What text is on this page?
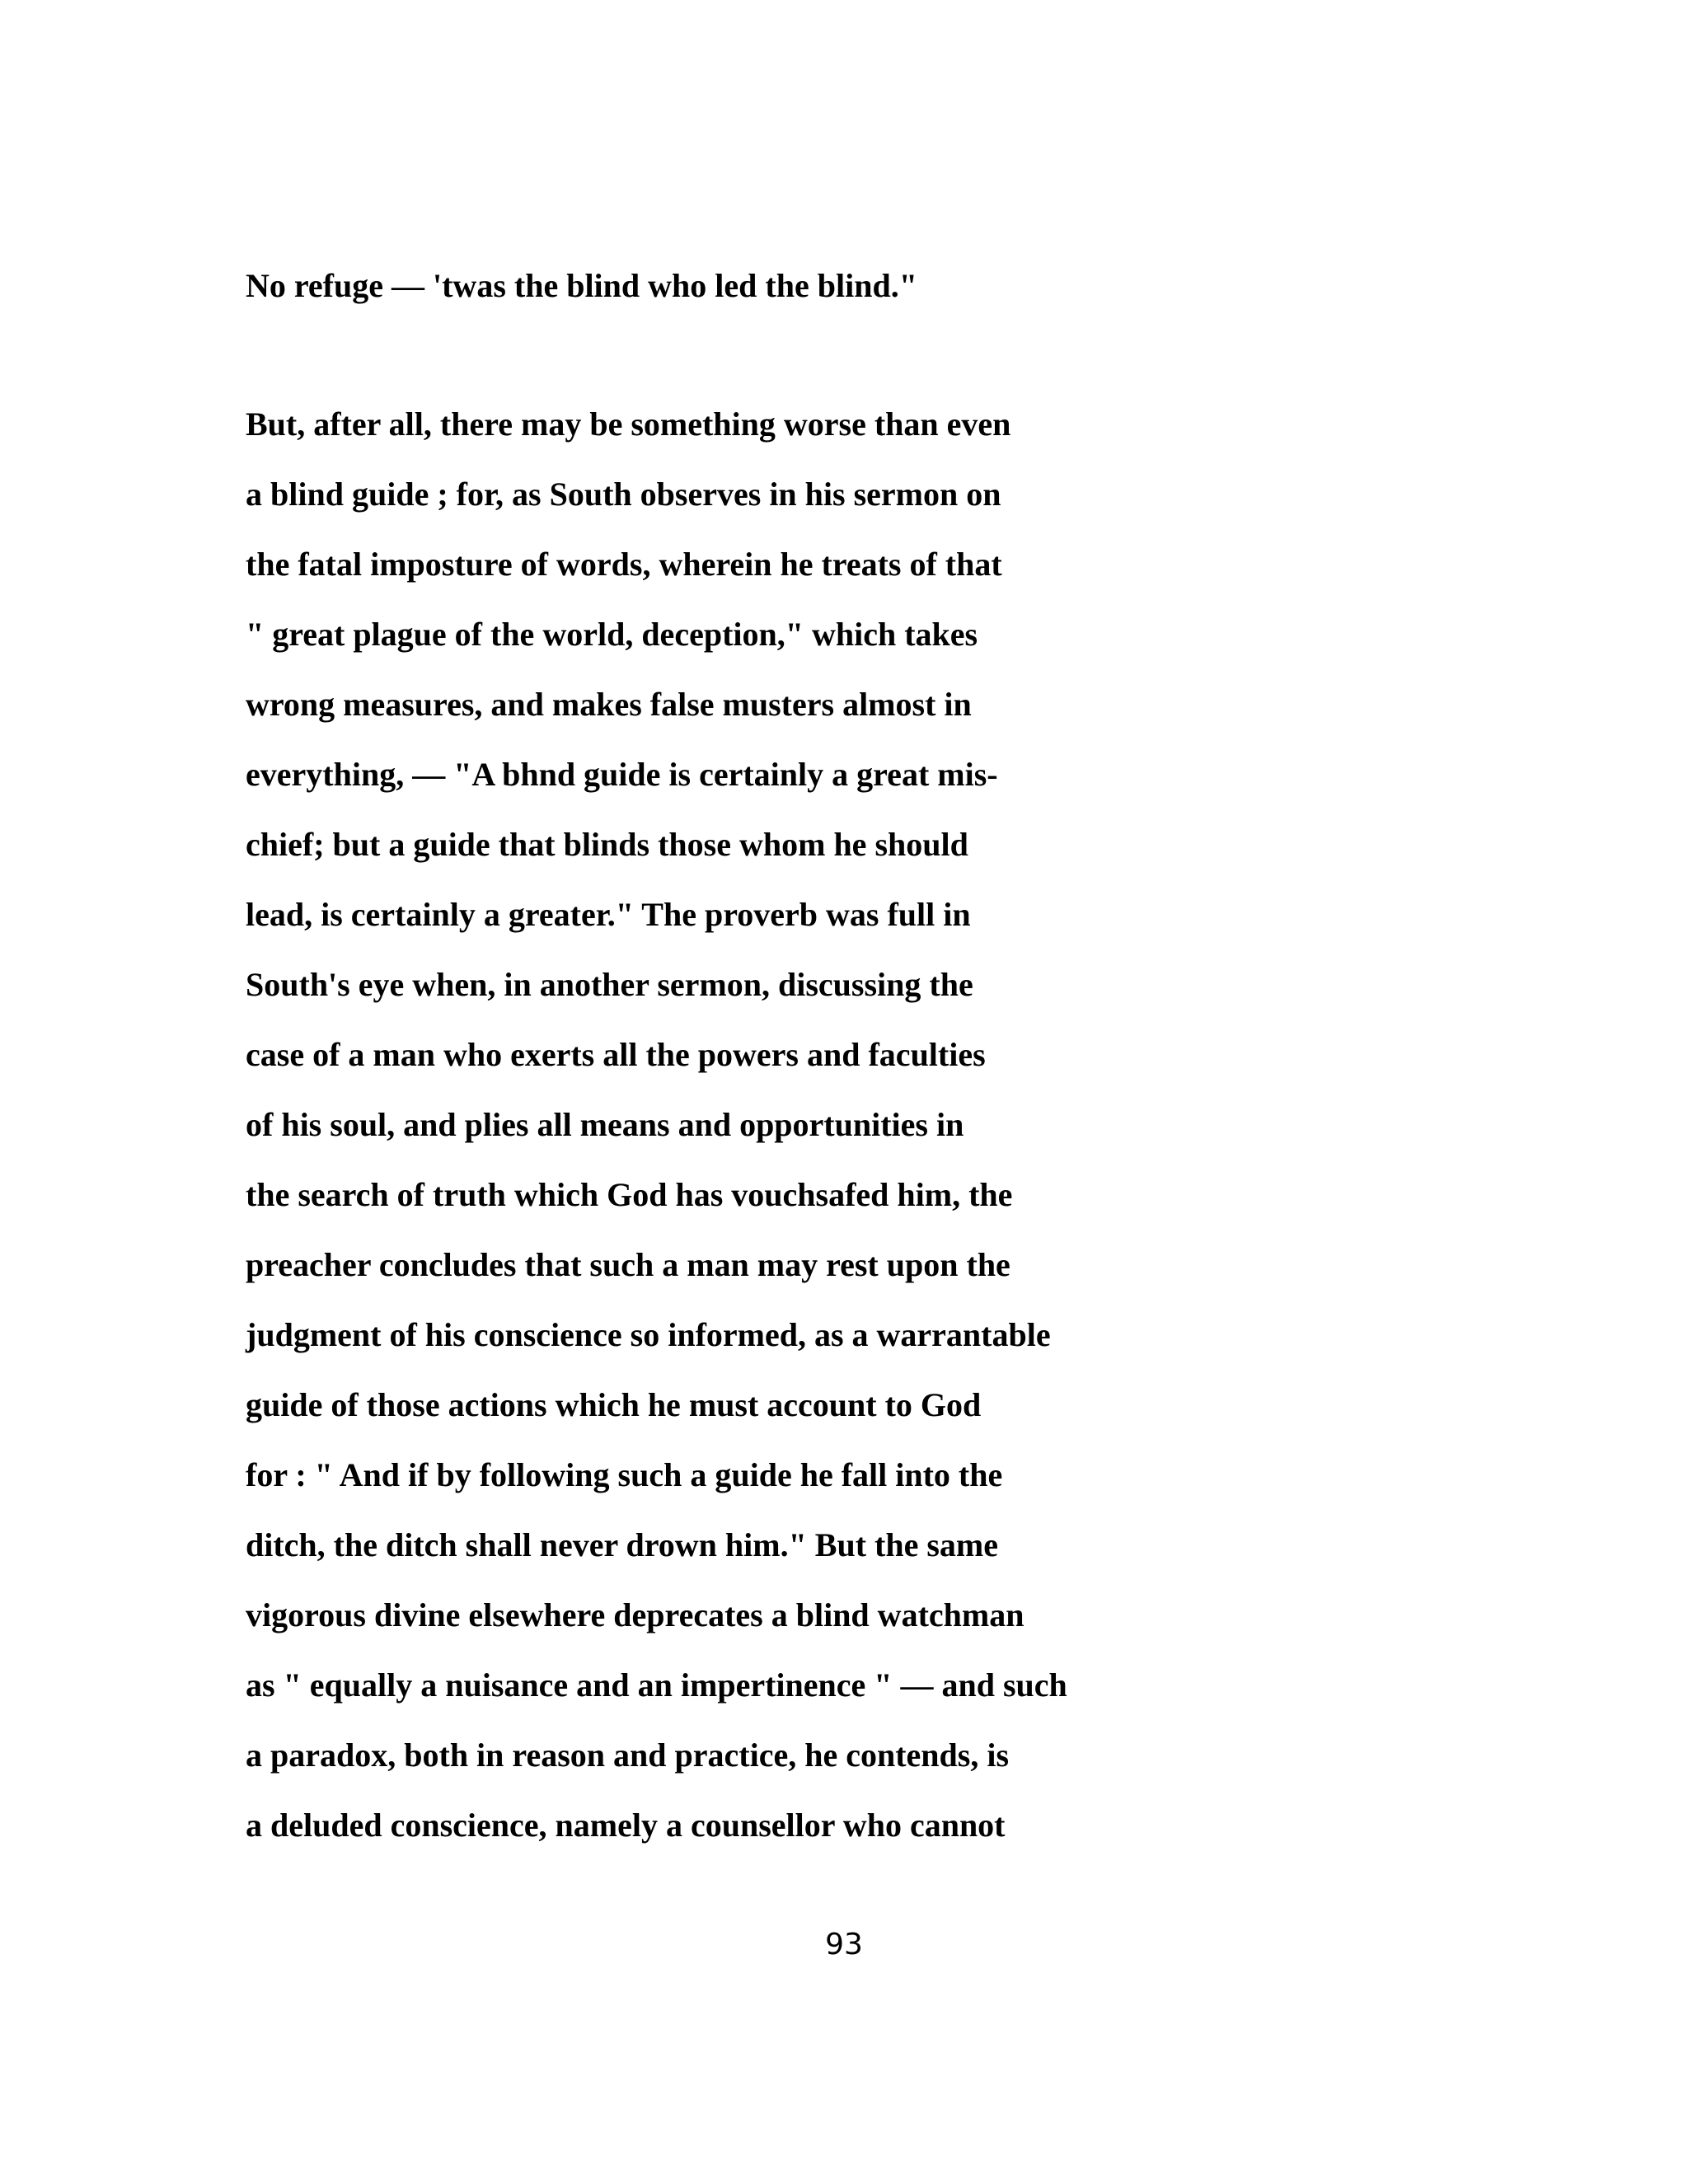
No refuge — 'twas the blind who led the blind."
But, after all, there may be something worse than even
a blind guide ; for, as South observes in his sermon on
the fatal imposture of words, wherein he treats of that
" great plague of the world, deception," which takes
wrong measures, and makes false musters almost in
everything, — "A bhnd guide is certainly a great mis-
chief; but a guide that blinds those whom he should
lead, is certainly a greater." The proverb was full in
South's eye when, in another sermon, discussing the
case of a man who exerts all the powers and faculties
of his soul, and plies all means and opportunities in
the search of truth which God has vouchsafed him, the
preacher concludes that such a man may rest upon the
judgment of his conscience so informed, as a warrantable
guide of those actions which he must account to God
for : " And if by following such a guide he fall into the
ditch, the ditch shall never drown him." But the same
vigorous divine elsewhere deprecates a blind watchman
as " equally a nuisance and an impertinence " — and such
a paradox, both in reason and practice, he contends, is
a deluded conscience, namely a counsellor who cannot
93
